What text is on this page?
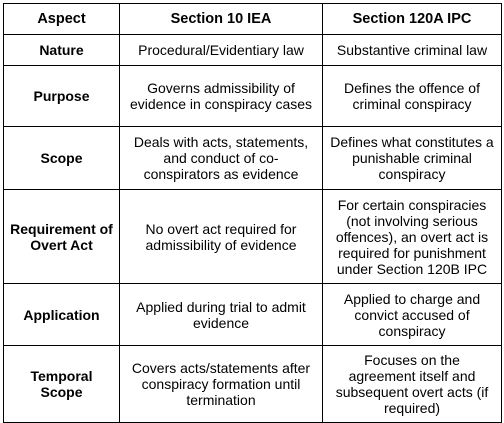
Aspect	Section 10 IEA	Section 120A IPC
Nature	Procedural/Evidentiary law	Substantive criminal law
Purpose	Governs admissibility of evidence in conspiracy cases	Defines the offence of criminal conspiracy
Scope	Deals with acts, statements, and conduct of co-conspirators as evidence	Defines what constitutes a punishable criminal conspiracy
Requirement of Overt Act	No overt act required for admissibility of evidence	For certain conspiracies (not involving serious offences), an overt act is required for punishment under Section 120B IPC
Application	Applied during trial to admit evidence	Applied to charge and convict accused of conspiracy
Temporal Scope	Covers acts/statements after conspiracy formation until termination	Focuses on the agreement itself and subsequent overt acts (if required)
